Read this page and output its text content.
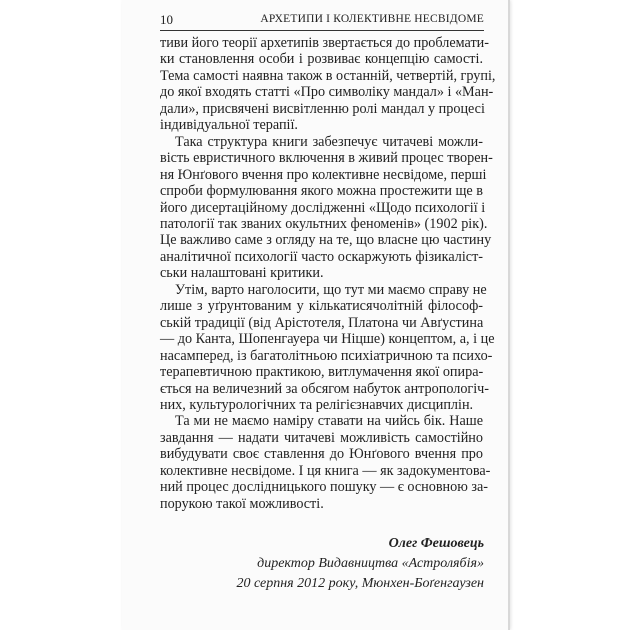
10	АРХЕТИПИ І КОЛЕКТИВНЕ НЕСВІДОМЕ
тиви його теорії архетипів звертається до проблемати-
ки становлення особи і розвиває концепцію самості.
Тема самості наявна також в останній, четвертій, групі,
до якої входять статті «Про символіку мандал» і «Ман-
дали», присвячені висвітленню ролі мандал у процесі
індивідуальної терапії.
Така структура книги забезпечує читачеві можли-
вість евристичного включення в живий процес творен-
ня Юнґового вчення про колективне несвідоме, перші
спроби формулювання якого можна простежити ще в
його дисертаційному дослідженні «Щодо психології і
патології так званих окультних феноменів» (1902 рік).
Це важливо саме з огляду на те, що власне цю частину
аналітичної психології часто оскаржують фізикаліст-
ськи налаштовані критики.
Утім, варто наголосити, що тут ми маємо справу не
лише з уґрунтованим у кількатисячолітній філософ-
ській традиції (від Арістотеля, Платона чи Авґустина
— до Канта, Шопенгауера чи Ніцше) концептом, а, і це
насамперед, із багатолітньою психіатричною та психо-
терапевтичною практикою, витлумачення якої опира-
ється на величезний за обсягом набуток антропологіч-
них, культурологічних та релігієзнавчих дисциплін.
Та ми не маємо наміру ставати на чийсь бік. Наше
завдання — надати читачеві можливість самостійно
вибудувати своє ставлення до Юнґового вчення про
колективне несвідоме. І ця книга — як задокументова-
ний процес дослідницького пошуку — є основною за-
порукою такої можливості.
Олег Фешовець
директор Видавництва «Астролябія»
20 серпня 2012 року, Мюнхен-Боґенгаузен
